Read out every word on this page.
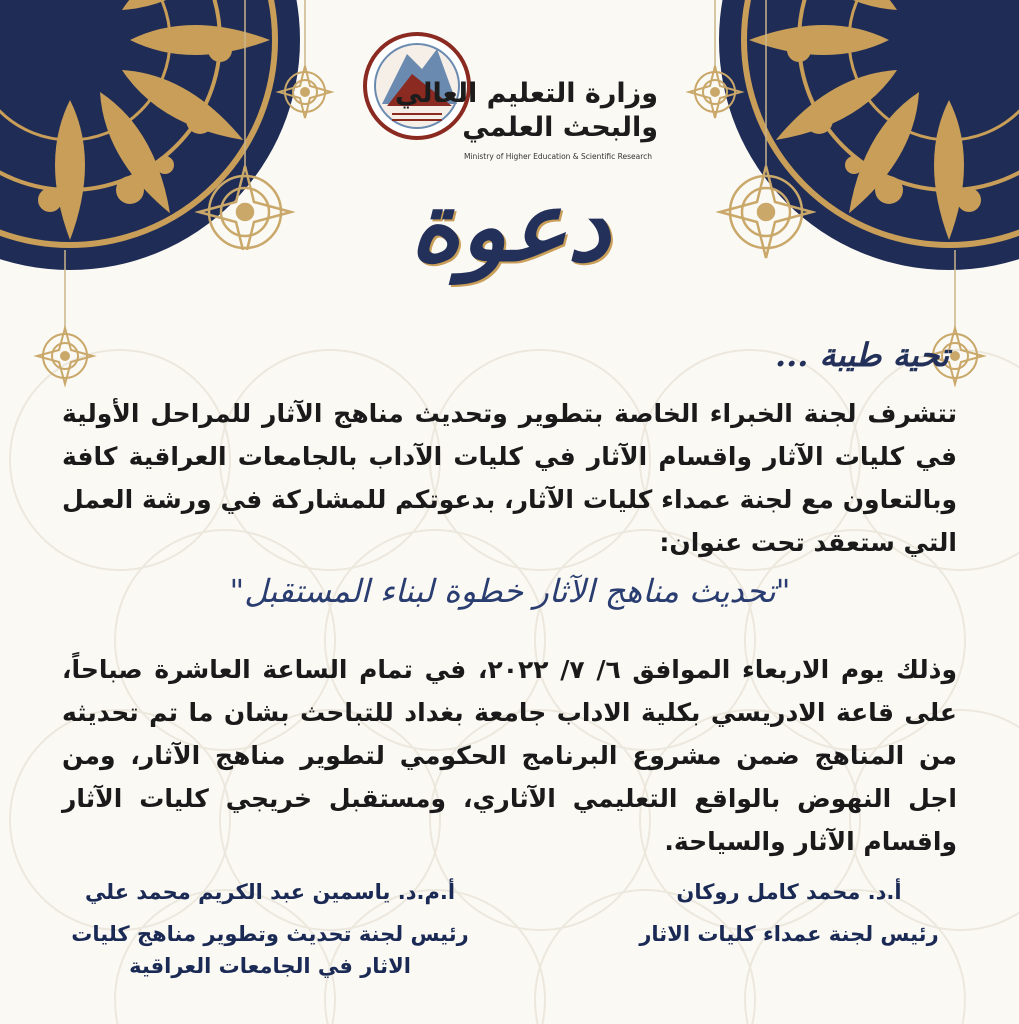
وزارة التعليم العالي
والبحث العلمي
Ministry of Higher Education & Scientific Research
دعوة
تحية طيبة ...
تتشرف لجنة الخبراء الخاصة بتطوير وتحديث مناهج الآثار للمراحل الأولية في كليات الآثار واقسام الآثار في كليات الآداب بالجامعات العراقية كافة وبالتعاون مع لجنة عمداء كليات الآثار، بدعوتكم للمشاركة في ورشة العمل التي ستعقد تحت عنوان:
"تحديث مناهج الآثار خطوة لبناء المستقبل"
وذلك يوم الاربعاء الموافق ٦/ ٧/ ٢٠٢٢، في تمام الساعة العاشرة صباحاً، على قاعة الادريسي بكلية الاداب جامعة بغداد للتباحث بشان ما تم تحديثه من المناهج ضمن مشروع البرنامج الحكومي لتطوير مناهج الآثار، ومن اجل النهوض بالواقع التعليمي الآثاري، ومستقبل خريجي كليات الآثار واقسام الآثار والسياحة.
أ.د. محمد كامل روكان
رئيس لجنة عمداء كليات الاثار
أ.م.د. ياسمين عبد الكريم محمد علي
رئيس لجنة تحديث وتطوير مناهج كليات الاثار في الجامعات العراقية
